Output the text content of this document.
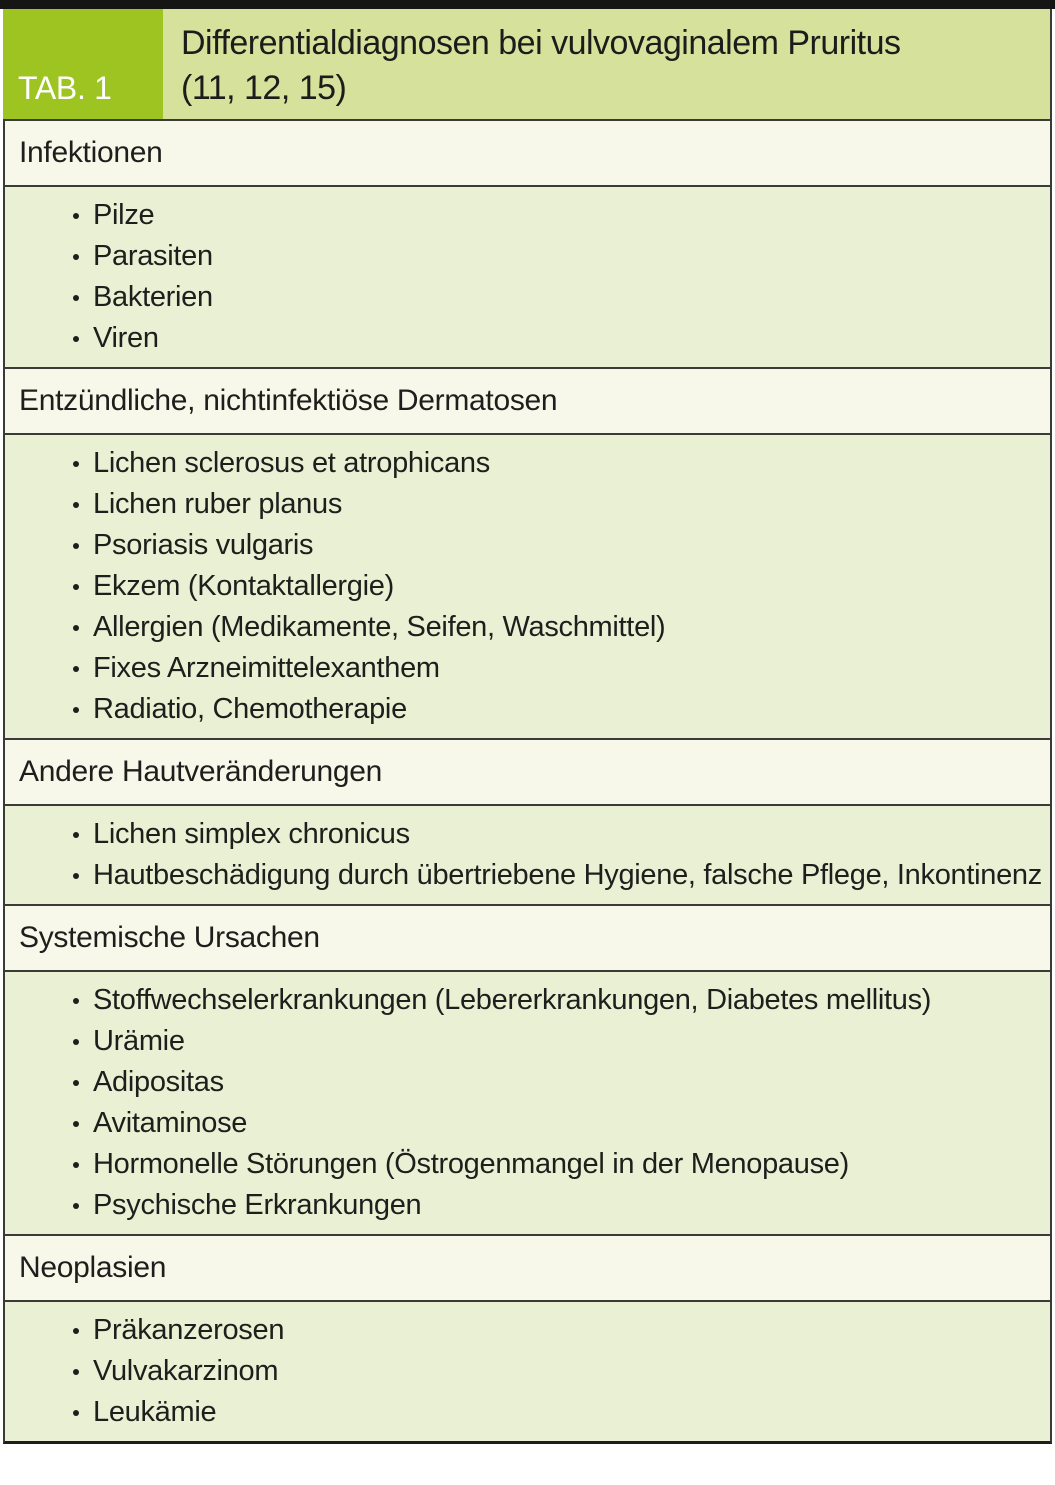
TAB. 1
Differentialdiagnosen bei vulvovaginalem Pruritus
(11, 12, 15)
Infektionen
Pilze
Parasiten
Bakterien
Viren
Entzündliche, nichtinfektiöse Dermatosen
Lichen sclerosus et atrophicans
Lichen ruber planus
Psoriasis vulgaris
Ekzem (Kontaktallergie)
Allergien (Medikamente, Seifen, Waschmittel)
Fixes Arzneimittelexanthem
Radiatio, Chemotherapie
Andere Hautveränderungen
Lichen simplex chronicus
Hautbeschädigung durch übertriebene Hygiene, falsche Pflege, Inkontinenz
Systemische Ursachen
Stoffwechselerkrankungen (Lebererkrankungen, Diabetes mellitus)
Urämie
Adipositas
Avitaminose
Hormonelle Störungen (Östrogenmangel in der Menopause)
Psychische Erkrankungen
Neoplasien
Präkanzerosen
Vulvakarzinom
Leukämie
